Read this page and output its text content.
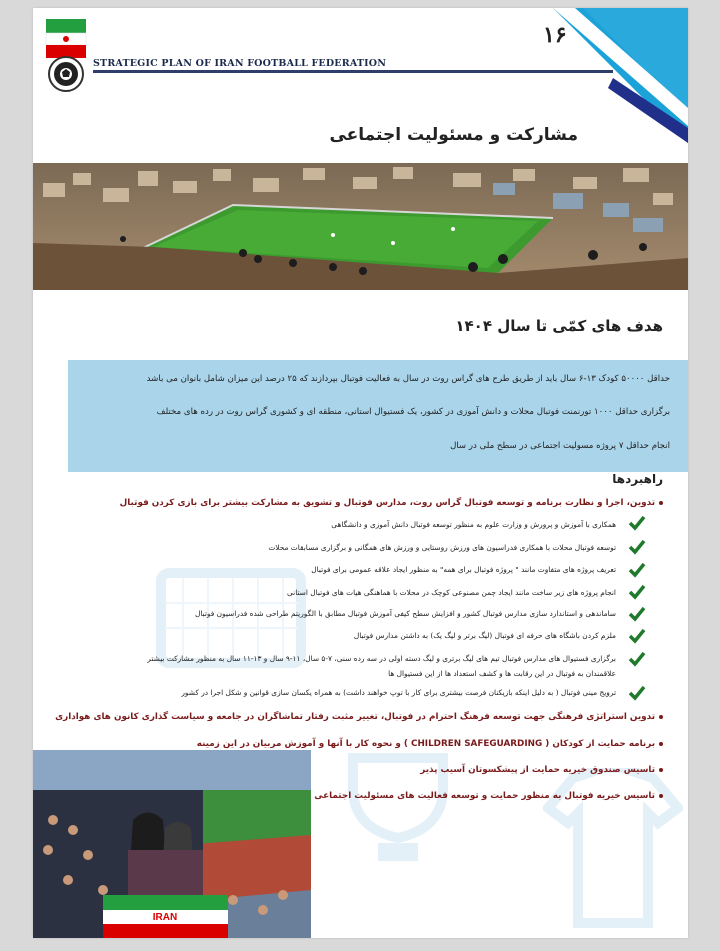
STRATEGIC PLAN OF IRAN FOOTBALL FEDERATION
۱۶
مشارکت و مسئولیت اجتماعی
هدف های کمّی تا سال ۱۴۰۴
حداقل ۵۰۰۰۰ کودک ۱۳-۶ سال باید از طریق طرح های گراس روت در سال به فعالیت فوتبال بپردازند که ۲۵ درصد این میزان شامل بانوان می باشد
برگزاری حداقل ۱۰۰۰ تورنمنت فوتبال محلات و دانش آموزی در کشور، یک فستیوال استانی، منطقه ای و کشوری گراس روت در رده های مختلف
انجام حداقل ۷ پروژه مسولیت اجتماعی در سطح ملی در سال
راهبردها
تدوین، اجرا و نظارت برنامه و توسعه فوتبال گراس روت، مدارس فوتبال و تشویق به مشارکت بیشتر برای بازی کردن فوتبال
همکاری با آموزش و پرورش و وزارت علوم به منظور توسعه فوتبال دانش آموزی و دانشگاهی
توسعه فوتبال محلات با همکاری فدراسیون های ورزش روستایی و ورزش های همگانی و برگزاری مسابقات محلات
تعریف پروژه های متفاوت مانند " پروژه فوتبال برای همه" به منظور ایجاد علاقه عمومی برای فوتبال
انجام پروژه های زیر ساخت مانند ایجاد چمن مصنوعی کوچک در محلات با هماهنگی هیات های فوتبال استانی
ساماندهی و استاندارد سازی مدارس فوتبال کشور و افزایش سطح کیفی آموزش فوتبال مطابق با الگوریتم طراحی شده فدراسیون فوتبال
ملزم کردن باشگاه های حرفه ای فوتبال (لیگ برتر و لیگ یک) به داشتن مدارس فوتبال
برگزاری فستیوال های مدارس فوتبال تیم های لیگ برتری و لیگ دسته اولی در سه رده سنی، ۷-۵ سال، ۱۱-۹ سال و ۱۳-۱۱ سال به منظور مشارکت بیشتر
علاقمندان به فوتبال در این رقابت ها و کشف استعداد ها از این فستیوال ها
ترویج مینی فوتبال ( به دلیل اینکه بازیکنان فرصت بیشتری برای کار با توپ خواهند داشت) به همراه یکسان سازی قوانین و شکل اجرا در کشور
تدوین استراتژی فرهنگی جهت توسعه فرهنگ احترام در فوتبال، تغییر مثبت رفتار تماشاگران در جامعه و سیاست گذاری کانون های هواداری
برنامه حمایت از کودکان ( CHILDREN SAFEGUARDING ) و نحوه کار با آنها و آموزش مربیان در این زمینه
تاسیس صندوق خیریه حمایت از پیشکسوتان آسیب پذیر
تاسیس خیریه فوتبال به منظور حمایت و توسعه فعالیت های مسئولیت اجتماعی
IRAN
